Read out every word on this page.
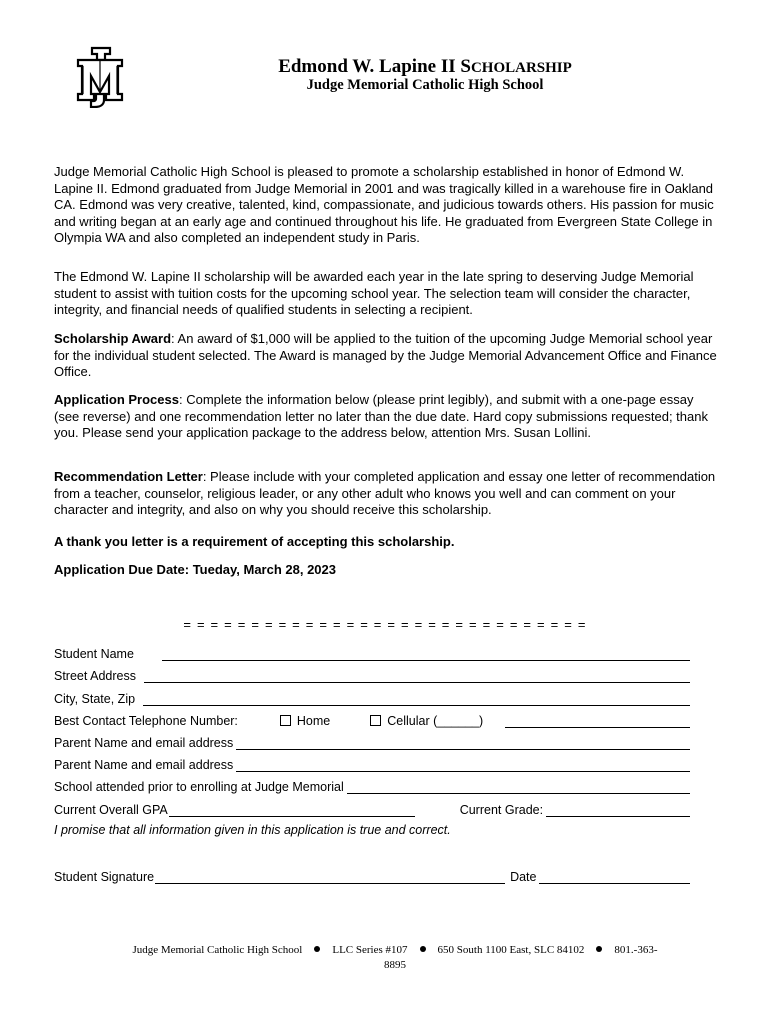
Edmond W. Lapine II SCHOLARSHIP
Judge Memorial Catholic High School

Judge Memorial Catholic High School is pleased to promote a scholarship established in honor of Edmond W. Lapine II. Edmond graduated from Judge Memorial in 2001 and was tragically killed in a warehouse fire in Oakland CA. Edmond was very creative, talented, kind, compassionate, and judicious towards others. His passion for music and writing began at an early age and continued throughout his life. He graduated from Evergreen State College in Olympia WA and also completed an independent study in Paris.

The Edmond W. Lapine II scholarship will be awarded each year in the late spring to deserving Judge Memorial student to assist with tuition costs for the upcoming school year. The selection team will consider the character, integrity, and financial needs of qualified students in selecting a recipient.

Scholarship Award: An award of $1,000 will be applied to the tuition of the upcoming Judge Memorial school year for the individual student selected. The Award is managed by the Judge Memorial Advancement Office and Finance Office.

Application Process: Complete the information below (please print legibly), and submit with a one-page essay (see reverse) and one recommendation letter no later than the due date. Hard copy submissions requested; thank you. Please send your application package to the address below, attention Mrs. Susan Lollini.

Recommendation Letter: Please include with your completed application and essay one letter of recommendation from a teacher, counselor, religious leader, or any other adult who knows you well and can comment on your character and integrity, and also on why you should receive this scholarship.

A thank you letter is a requirement of accepting this scholarship.

Application Due Date: Tueday, March 28, 2023

= = = = = = = = = = = = = = = = = = = = = = = = = = = = = =
Student Name
Street Address
City, State, Zip
Best Contact Telephone Number:	Home	Cellular (______)
Parent Name and email address
Parent Name and email address
School attended prior to enrolling at Judge Memorial
Current Overall GPA	Current Grade:
I promise that all information given in this application is true and correct.
Student Signature	Date
Judge Memorial Catholic High School	LLC Series #107	650 South 1100 East, SLC 84102	801.-363-
8895
